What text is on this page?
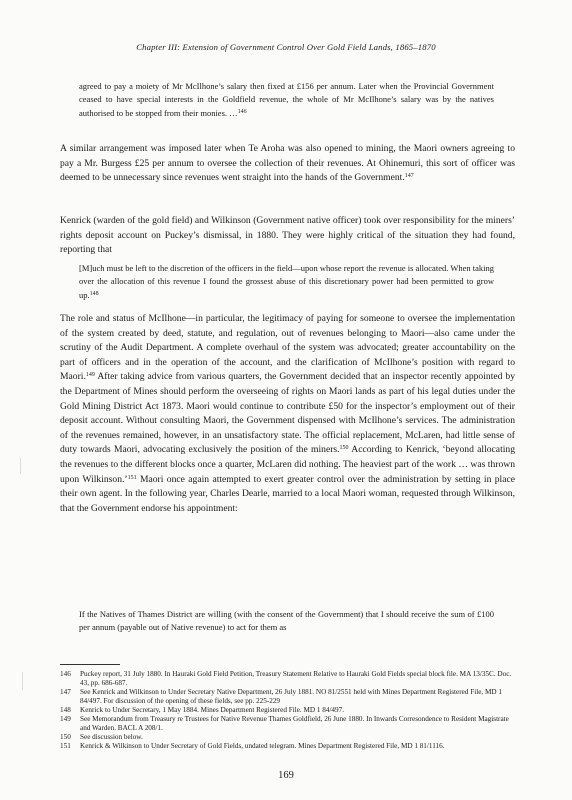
Chapter III: Extension of Government Control Over Gold Field Lands, 1865–1870

agreed to pay a moiety of Mr McIlhone’s salary then fixed at £156 per annum. Later when the Provincial Government ceased to have special interests in the Goldfield revenue, the whole of Mr McIlhone’s salary was by the natives authorised to be stopped from their monies. …$^{146}$

A similar arrangement was imposed later when Te Aroha was also opened to mining, the Maori owners agreeing to pay a Mr. Burgess £25 per annum to oversee the collection of their revenues. At Ohinemuri, this sort of officer was deemed to be unnecessary since revenues went straight into the hands of the Government.$^{147}$

Kenrick (warden of the gold field) and Wilkinson (Government native officer) took over responsibility for the miners’ rights deposit account on Puckey’s dismissal, in 1880. They were highly critical of the situation they had found, reporting that

[M]uch must be left to the discretion of the officers in the field—upon whose report the revenue is allocated. When taking over the allocation of this revenue I found the grossest abuse of this discretionary power had been permitted to grow up.$^{148}$

The role and status of McIlhone—in particular, the legitimacy of paying for someone to oversee the implementation of the system created by deed, statute, and regulation, out of revenues belonging to Maori—also came under the scrutiny of the Audit Department. A complete overhaul of the system was advocated; greater accountability on the part of officers and in the operation of the account, and the clarification of McIlhone’s position with regard to Maori.$^{149}$ After taking advice from various quarters, the Government decided that an inspector recently appointed by the Department of Mines should perform the overseeing of rights on Maori lands as part of his legal duties under the Gold Mining District Act 1873. Maori would continue to contribute £50 for the inspector’s employment out of their deposit account. Without consulting Maori, the Government dispensed with McIlhone’s services. The administration of the revenues remained, however, in an unsatisfactory state. The official replacement, McLaren, had little sense of duty towards Maori, advocating exclusively the position of the miners.$^{150}$ According to Kenrick, ‘beyond allocating the revenues to the different blocks once a quarter, McLaren did nothing. The heaviest part of the work … was thrown upon Wilkinson.’$^{151}$ Maori once again attempted to exert greater control over the administration by setting in place their own agent. In the following year, Charles Dearle, married to a local Maori woman, requested through Wilkinson, that the Government endorse his appointment:

If the Natives of Thames District are willing (with the consent of the Government) that I should receive the sum of £100 per annum (payable out of Native revenue) to act for them as

146	Puckey report, 31 July 1880. In Hauraki Gold Field Petition, Treasury Statement Relative to Hauraki Gold Fields special block file. MA 13/35C. Doc. 43, pp. 686-687.
147	See Kenrick and Wilkinson to Under Secretary Native Department, 26 July 1881. NO 81/2551 held with Mines Department Registered File, MD 1 84/497. For discussion of the opening of these fields, see pp. 225-229
148	Kenrick to Under Secretary, 1 May 1884. Mines Department Registered File. MD 1 84/497.
149	See Memorandum from Treasury re Trustees for Native Revenue Thames Goldfield, 26 June 1880. In Inwards Corresondence to Resident Magistrate and Warden. BACL A 208/1.
150	See discussion below.
151	Kenrick & Wilkinson to Under Secretary of Gold Fields, undated telegram. Mines Department Registered File, MD 1 81/1116.
169
